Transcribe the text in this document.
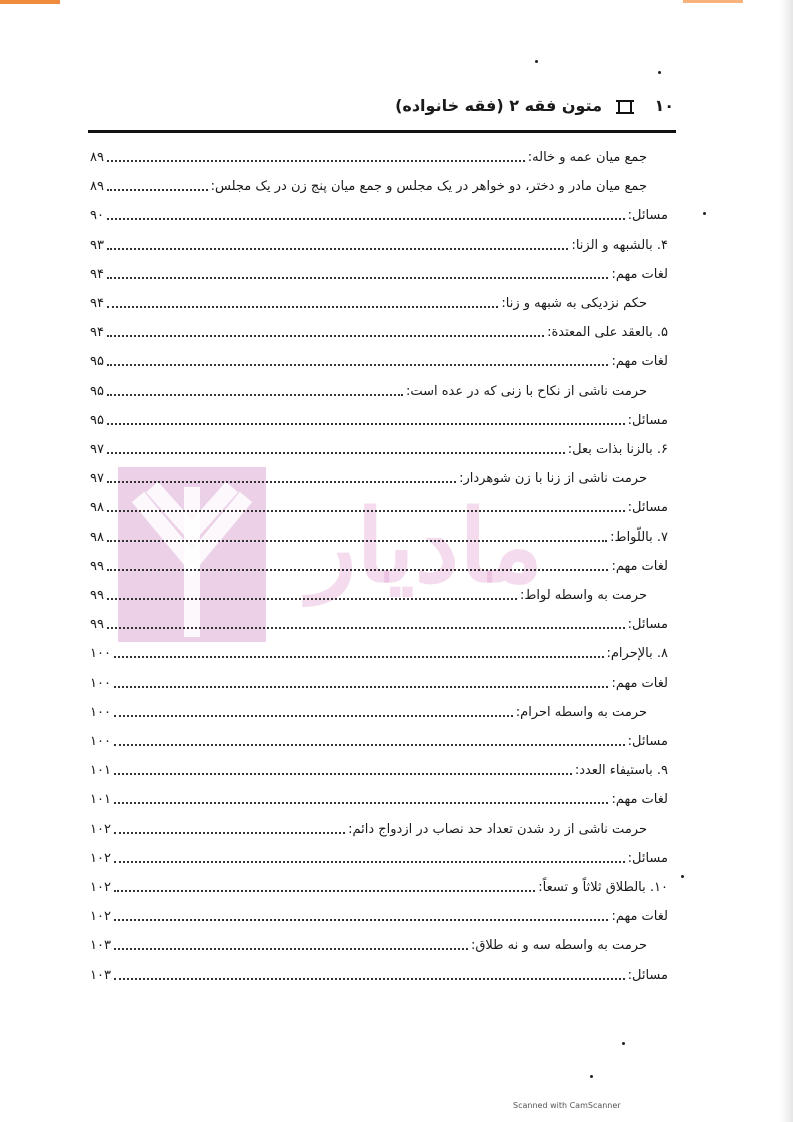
مادیار
۱۰
متون فقه ۲ (فقه خانواده)
جمع میان عمه و خاله:
۸۹
جمع میان مادر و دختر، دو خواهر در یک مجلس و جمع میان پنج زن در یک مجلس:
۸۹
مسائل:
۹۰
۴. بالشبهه و الزنا:
۹۳
لغات مهم:
۹۴
حکم نزدیکی به شبهه و زنا:
۹۴
۵. بالعقد علی المعتدة:
۹۴
لغات مهم:
۹۵
حرمت ناشی از نکاح با زنی که در عده است:
۹۵
مسائل:
۹۵
۶. بالزنا بذات بعل:
۹۷
حرمت ناشی از زنا با زن شوهردار:
۹۷
مسائل:
۹۸
۷. باللّواط:
۹۸
لغات مهم:
۹۹
حرمت به واسطه لواط:
۹۹
مسائل:
۹۹
۸. بالإحرام:
۱۰۰
لغات مهم:
۱۰۰
حرمت به واسطه احرام:
۱۰۰
مسائل:
۱۰۰
۹. باستیفاء العدد:
۱۰۱
لغات مهم:
۱۰۱
حرمت ناشی از رد شدن تعداد حد نصاب در ازدواج دائم:
۱۰۲
مسائل:
۱۰۲
۱۰. بالطلاق ثلاثاً و تسعاً:
۱۰۲
لغات مهم:
۱۰۲
حرمت به واسطه سه و نه طلاق:
۱۰۳
مسائل:
۱۰۳
Scanned with CamScanner
